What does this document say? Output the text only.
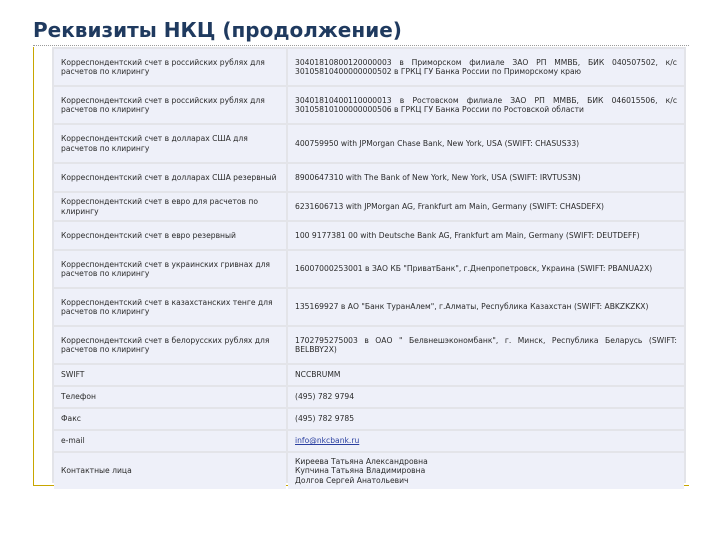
Реквизиты НКЦ (продолжение)
Корреспондентский счет в российских рублях для расчетов по клирингу	30401810800120000003 в Приморском филиале ЗАО РП ММВБ, БИК 040507502, к/с 30105810400000000502 в ГРКЦ ГУ Банка России по Приморскому краю
Корреспондентский счет в российских рублях для расчетов по клирингу	30401810400110000013 в Ростовском филиале ЗАО РП ММВБ, БИК 046015506, к/с 30105810100000000506 в ГРКЦ ГУ Банка России по Ростовской области
Корреспондентский счет в долларах США для расчетов по клирингу	400759950 with JPMorgan Chase Bank, New York, USA (SWIFT: CHASUS33)
Корреспондентский счет в долларах США резервный	8900647310 with The Bank of New York, New York, USA (SWIFT: IRVTUS3N)
Корреспондентский счет в евро для расчетов по клирингу	6231606713 with JPMorgan AG, Frankfurt am Main, Germany (SWIFT: CHASDEFX)
Корреспондентский счет в евро резервный	100 9177381 00 with Deutsche Bank AG, Frankfurt am Main, Germany (SWIFT: DEUTDEFF)
Корреспондентский счет в украинских гривнах для расчетов по клирингу	16007000253001 в ЗАО КБ "ПриватБанк", г.Днепропетровск, Украина (SWIFT: PBANUA2X)
Корреспондентский счет в казахстанских тенге для расчетов по клирингу	135169927 в АО "Банк ТуранАлем", г.Алматы, Республика Казахстан (SWIFT: ABKZKZKX)
Корреспондентский счет в белорусских рублях для расчетов по клирингу	1702795275003 в ОАО " Белвнешэкономбанк", г. Минск, Республика Беларусь (SWIFT: BELBBY2X)
SWIFT	NCCBRUMM
Телефон	(495) 782 9794
Факс	(495) 782 9785
e-mail	info@nkcbank.ru
Контактные лица	Киреева Татьяна Александровна
Купчина Татьяна Владимировна
Долгов Сергей Анатольевич
